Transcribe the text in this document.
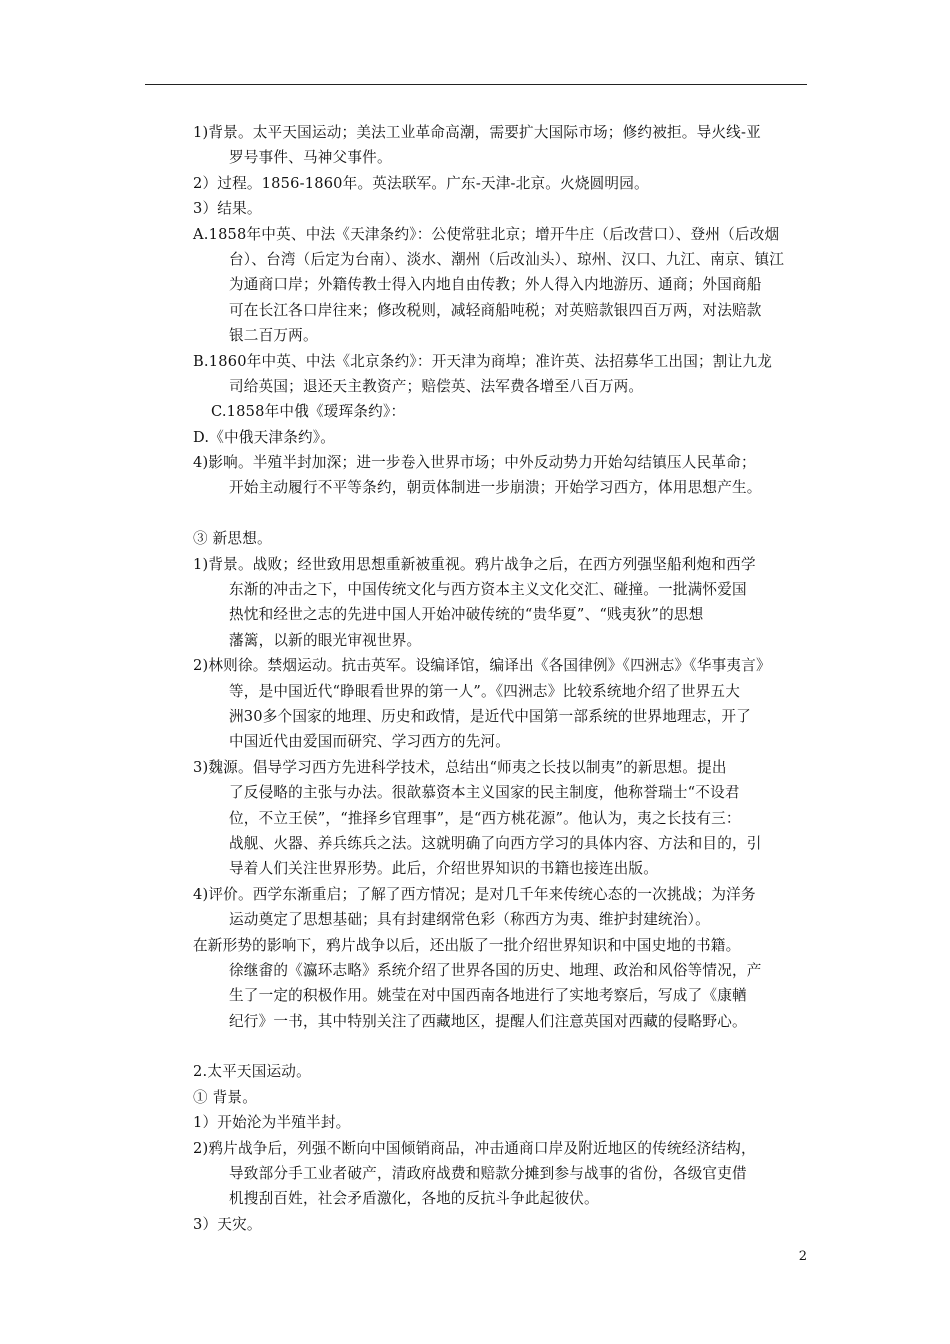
1)背景。太平天国运动；美法工业革命高潮，需要扩大国际市场；修约被拒。导火线-亚
罗号事件、马神父事件。
2）过程。1856-1860年。英法联军。广东-天津-北京。火烧圆明园。
3）结果。
A.1858年中英、中法《天津条约》：公使常驻北京；增开牛庄（后改营口）、登州（后改烟
台）、台湾（后定为台南）、淡水、潮州（后改汕头）、琼州、汉口、九江、南京、镇江
为通商口岸；外籍传教士得入内地自由传教；外人得入内地游历、通商；外国商船
可在长江各口岸往来；修改税则，减轻商船吨税；对英赔款银四百万两，对法赔款
银二百万两。
B.1860年中英、中法《北京条约》：开天津为商埠；准许英、法招募华工出国；割让九龙
司给英国；退还天主教资产；赔偿英、法军费各增至八百万两。
C.1858年中俄《瑷珲条约》：
D.《中俄天津条约》。
4)影响。半殖半封加深；进一步卷入世界市场；中外反动势力开始勾结镇压人民革命；
开始主动履行不平等条约，朝贡体制进一步崩溃；开始学习西方，体用思想产生。
③ 新思想。
1)背景。战败；经世致用思想重新被重视。鸦片战争之后，在西方列强坚船利炮和西学
东渐的冲击之下，中国传统文化与西方资本主义文化交汇、碰撞。一批满怀爱国
热忱和经世之志的先进中国人开始冲破传统的“贵华夏”、“贱夷狄”的思想
藩篱，以新的眼光审视世界。
2)林则徐。禁烟运动。抗击英军。设编译馆，编译出《各国律例》《四洲志》《华事夷言》
等，是中国近代“睁眼看世界的第一人”。《四洲志》比较系统地介绍了世界五大
洲30多个国家的地理、历史和政情，是近代中国第一部系统的世界地理志，开了
中国近代由爱国而研究、学习西方的先河。
3)魏源。倡导学习西方先进科学技术，总结出“师夷之长技以制夷”的新思想。提出
了反侵略的主张与办法。很歆慕资本主义国家的民主制度，他称誉瑞士“不设君
位，不立王侯”，“推择乡官理事”，是“西方桃花源”。他认为，夷之长技有三：
战舰、火器、养兵练兵之法。这就明确了向西方学习的具体内容、方法和目的，引
导着人们关注世界形势。此后，介绍世界知识的书籍也接连出版。
4)评价。西学东渐重启；了解了西方情况；是对几千年来传统心态的一次挑战；为洋务
运动奠定了思想基础；具有封建纲常色彩（称西方为夷、维护封建统治）。
在新形势的影响下，鸦片战争以后，还出版了一批介绍世界知识和中国史地的书籍。
徐继畬的《瀛环志略》系统介绍了世界各国的历史、地理、政治和风俗等情况，产
生了一定的积极作用。姚莹在对中国西南各地进行了实地考察后，写成了《康輶
纪行》一书，其中特别关注了西藏地区，提醒人们注意英国对西藏的侵略野心。
2.太平天国运动。
① 背景。
1）开始沦为半殖半封。
2)鸦片战争后，列强不断向中国倾销商品，冲击通商口岸及附近地区的传统经济结构，
导致部分手工业者破产，清政府战费和赔款分摊到参与战事的省份，各级官吏借
机搜刮百姓，社会矛盾激化，各地的反抗斗争此起彼伏。
3）天灾。
2
